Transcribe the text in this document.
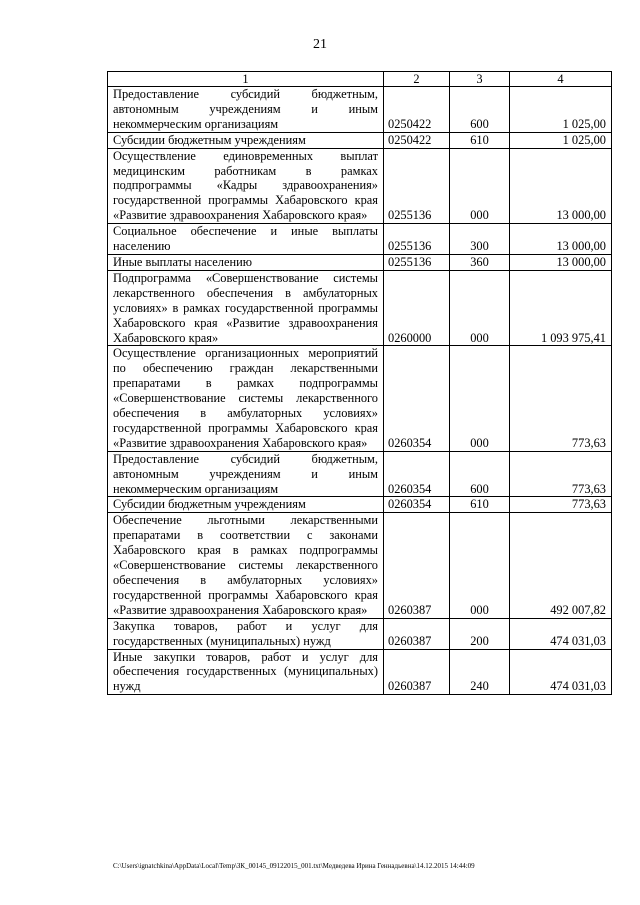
21
1	2	3	4
Предоставление субсидий бюджетным, автономным учреждениям и иным некоммерческим организациям	0250422	600	1 025,00
Субсидии бюджетным учреждениям	0250422	610	1 025,00
Осуществление единовременных выплат медицинским работникам в рамках подпрограммы «Кадры здравоохранения» государственной программы Хабаровского края «Развитие здравоохранения Хабаровского края»	0255136	000	13 000,00
Социальное обеспечение и иные выплаты населению	0255136	300	13 000,00
Иные выплаты населению	0255136	360	13 000,00
Подпрограмма «Совершенствование системы лекарственного обеспечения в амбулаторных условиях» в рамках государственной программы Хабаровского края «Развитие здравоохранения Хабаровского края»	0260000	000	1 093 975,41
Осуществление организационных мероприятий по обеспечению граждан лекарственными препаратами в рамках подпрограммы «Совершенствование системы лекарственного обеспечения в амбулаторных условиях» государственной программы Хабаровского края «Развитие здравоохранения Хабаровского края»	0260354	000	773,63
Предоставление субсидий бюджетным, автономным учреждениям и иным некоммерческим организациям	0260354	600	773,63
Субсидии бюджетным учреждениям	0260354	610	773,63
Обеспечение льготными лекарственными препаратами в соответствии с законами Хабаровского края в рамках подпрограммы «Совершенствование системы лекарственного обеспечения в амбулаторных условиях» государственной программы Хабаровского края «Развитие здравоохранения Хабаровского края»	0260387	000	492 007,82
Закупка товаров, работ и услуг для государственных (муниципальных) нужд	0260387	200	474 031,03
Иные закупки товаров, работ и услуг для обеспечения государственных (муниципальных) нужд	0260387	240	474 031,03
C:\Users\ignatchkina\AppData\Local\Temp\ЗК_00145_09122015_001.txt\Медведева Ирина Геннадьевна\14.12.2015 14:44:09
